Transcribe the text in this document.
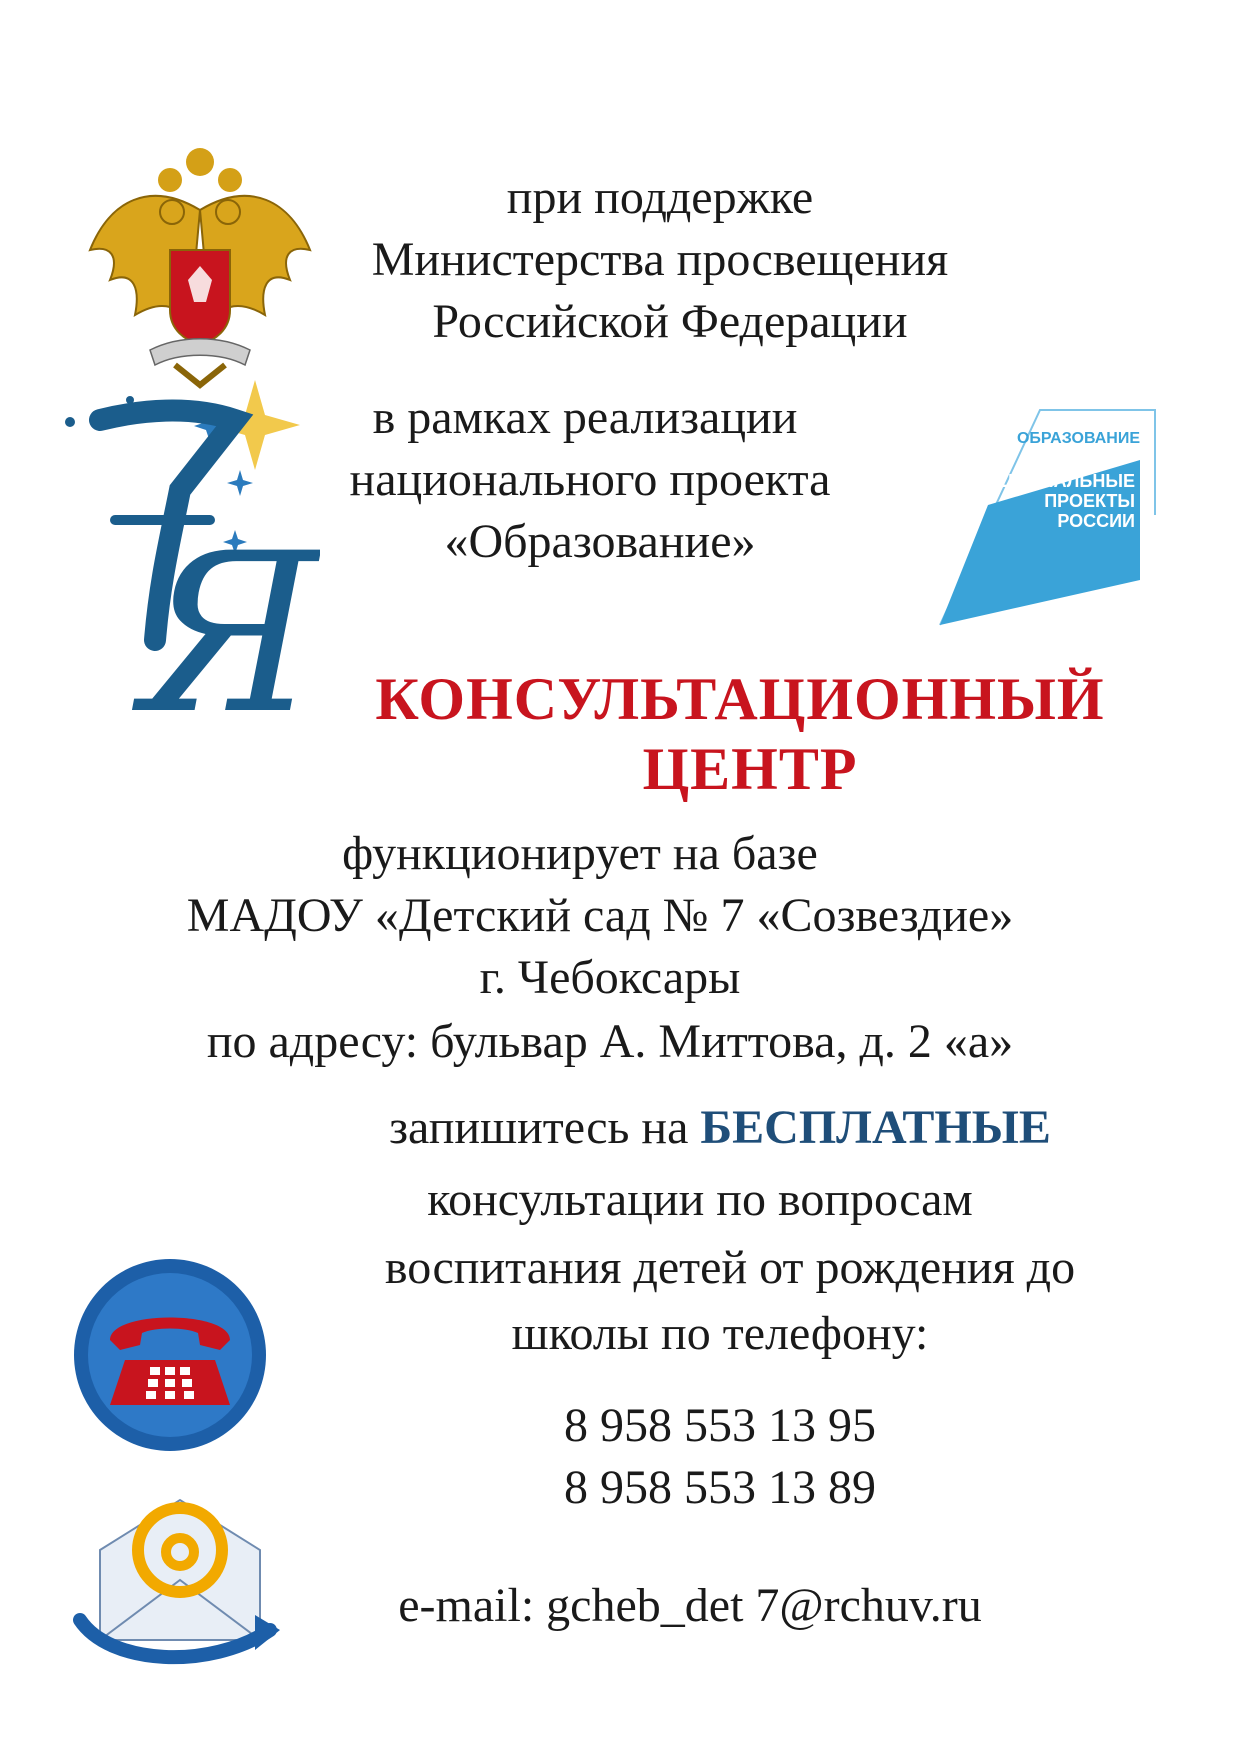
при поддержке
Министерства просвещения
Российской Федерации
Я
в рамках реализации
национального проекта
«Образование»
ОБРАЗОВАНИЕ
НАЦИОНАЛЬНЫЕ
ПРОЕКТЫ
РОССИИ
КОНСУЛЬТАЦИОННЫЙ
ЦЕНТР
функционирует на базе
МАДОУ «Детский сад № 7 «Созвездие»
г. Чебоксары
по адресу: бульвар А. Миттова, д. 2 «а»
запишитесь на БЕСПЛАТНЫЕ
консультации по вопросам
воспитания детей от рождения до
школы по телефону:
8 958 553 13 95
8 958 553 13 89
e-mail: gcheb_det 7@rchuv.ru
